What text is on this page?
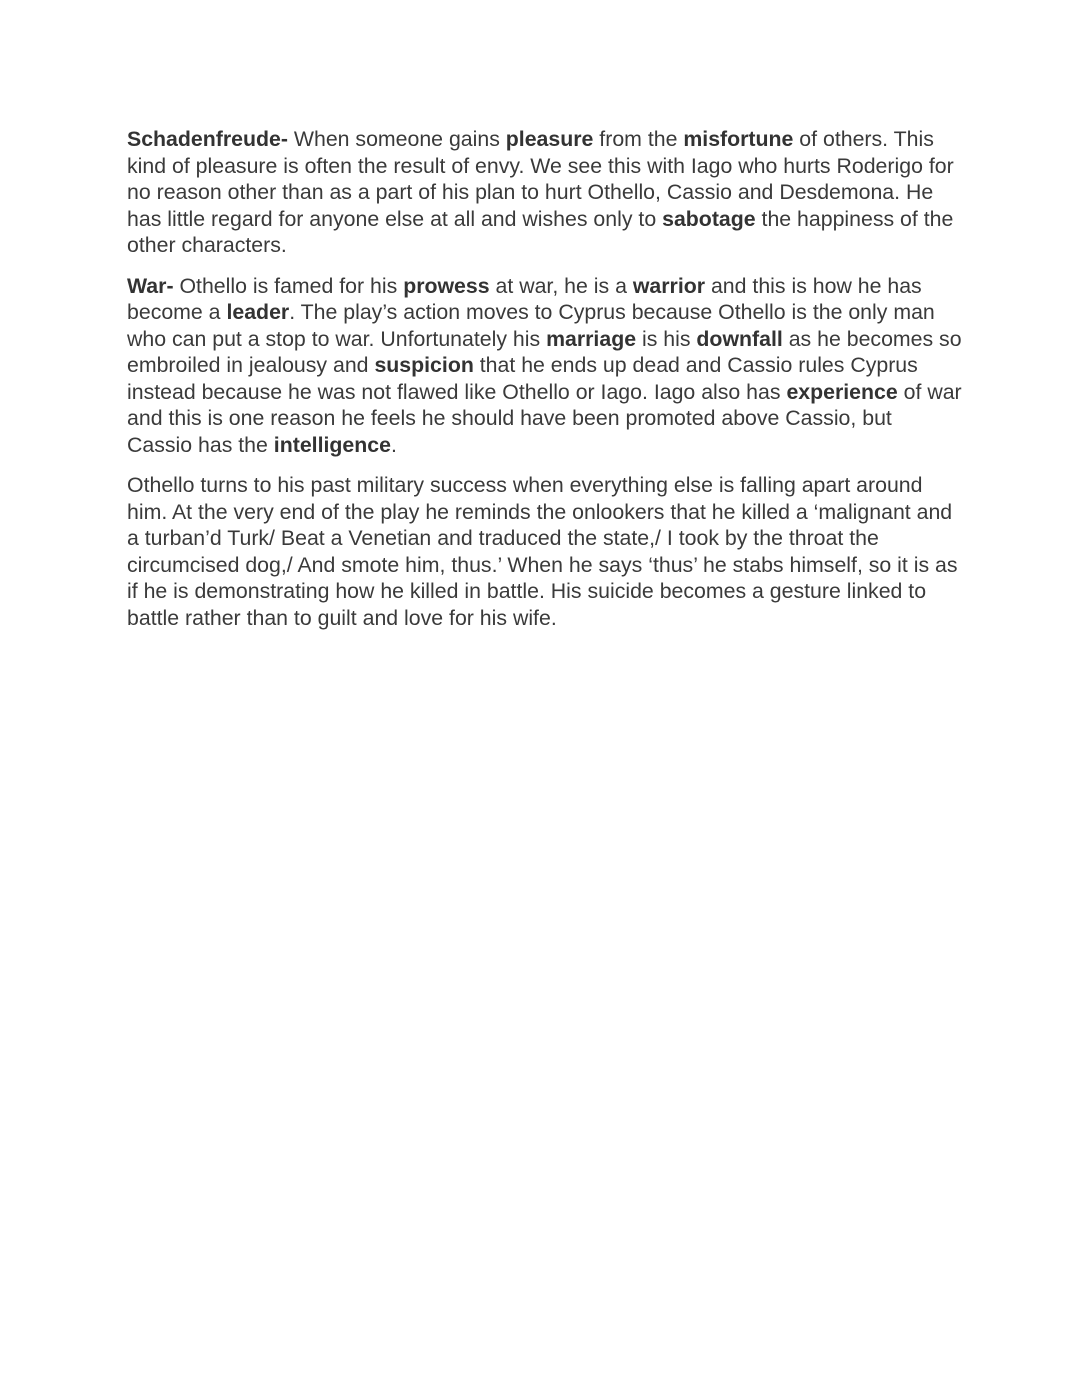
Schadenfreude- When someone gains pleasure from the misfortune of others. This kind of pleasure is often the result of envy. We see this with Iago who hurts Roderigo for no reason other than as a part of his plan to hurt Othello, Cassio and Desdemona. He has little regard for anyone else at all and wishes only to sabotage the happiness of the other characters.

War- Othello is famed for his prowess at war, he is a warrior and this is how he has become a leader. The play’s action moves to Cyprus because Othello is the only man who can put a stop to war. Unfortunately his marriage is his downfall as he becomes so embroiled in jealousy and suspicion that he ends up dead and Cassio rules Cyprus instead because he was not flawed like Othello or Iago. Iago also has experience of war and this is one reason he feels he should have been promoted above Cassio, but Cassio has the intelligence.

Othello turns to his past military success when everything else is falling apart around him. At the very end of the play he reminds the onlookers that he killed a ‘malignant and a turban’d Turk/ Beat a Venetian and traduced the state,/ I took by the throat the circumcised dog,/ And smote him, thus.’ When he says ‘thus’ he stabs himself, so it is as if he is demonstrating how he killed in battle. His suicide becomes a gesture linked to battle rather than to guilt and love for his wife.
